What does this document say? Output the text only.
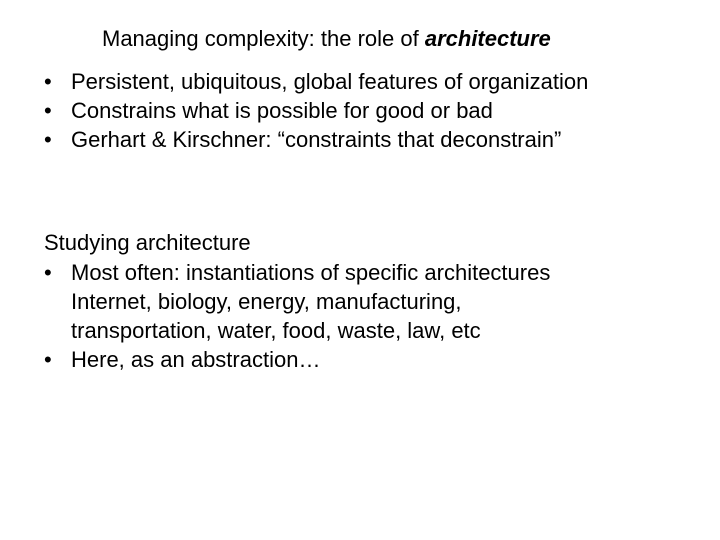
Managing complexity: the role of architecture
• Persistent, ubiquitous, global features of organization
• Constrains what is possible for good or bad
• Gerhart & Kirschner: “constraints that deconstrain”
Studying architecture
• Most often: instantiations of specific architectures
Internet, biology, energy, manufacturing,
transportation, water, food, waste, law, etc
• Here, as an abstraction…
